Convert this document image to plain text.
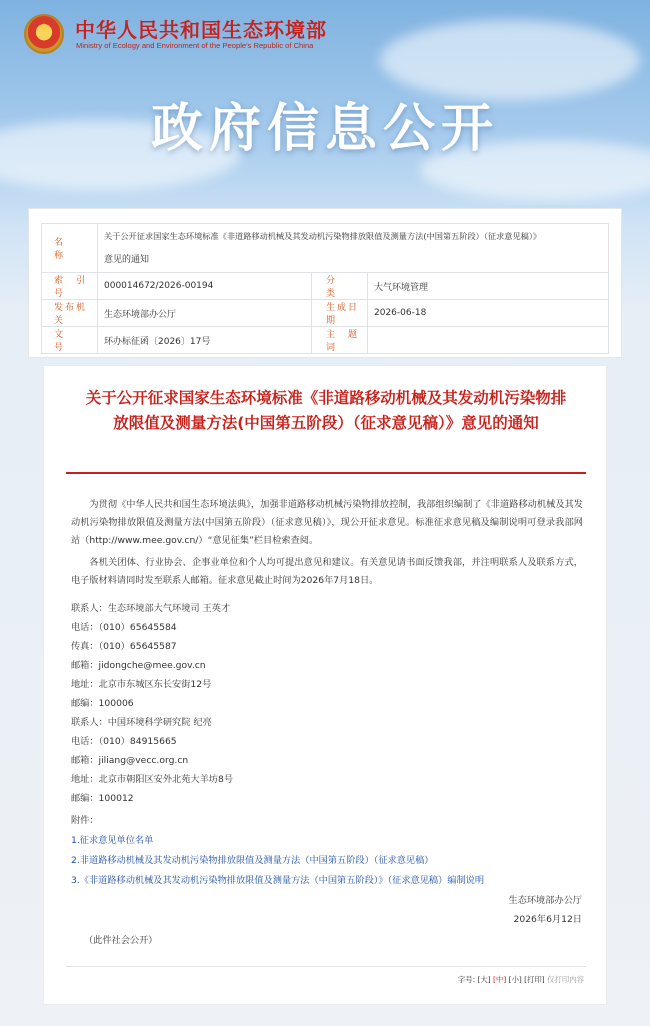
★	中华人民共和国生态环境部
Ministry of Ecology and Environment of the People's Republic of China
政府信息公开
名　　称	关于公开征求国家生态环境标准《非道路移动机械及其发动机污染物排放限值及测量方法(中国第五阶段）（征求意见稿）》
意见的通知		

索 引 号	000014672/2026-00194	分　　类	大气环境管理
发布机关	生态环境部办公厅	生成日期	2026-06-18
文　　号	环办标征函〔2026〕17号	主 题 词	
关于公开征求国家生态环境标准《非道路移动机械及其发动机污染物排放限值及测量方法(中国第五阶段）（征求意见稿）》意见的通知

为贯彻《中华人民共和国生态环境法典》，加强非道路移动机械污染物排放控制，我部组织编制了《非道路移动机械及其发动机污染物排放限值及测量方法(中国第五阶段）（征求意见稿）》，现公开征求意见。标准征求意见稿及编制说明可登录我部网站（http://www.mee.gov.cn/）“意见征集”栏目检索查阅。

各机关团体、行业协会、企事业单位和个人均可提出意见和建议。有关意见请书面反馈我部，并注明联系人及联系方式，电子版材料请同时发至联系人邮箱。征求意见截止时间为2026年7月18日。

联系人：生态环境部大气环境司 王英才
电话：（010）65645584
传真：（010）65645587
邮箱：jidongche@mee.gov.cn
地址：北京市东城区东长安街12号
邮编：100006
联系人：中国环境科学研究院 纪亮
电话：（010）84915665
邮箱：jiliang@vecc.org.cn
地址：北京市朝阳区安外北苑大羊坊8号
邮编：100012
附件：
1.征求意见单位名单
2.非道路移动机械及其发动机污染物排放限值及测量方法（中国第五阶段）（征求意见稿）
3.《非道路移动机械及其发动机污染物排放限值及测量方法（中国第五阶段）》（征求意见稿）编制说明
生态环境部办公厅
2026年6月12日
（此件社会公开）
字号: [大] [中] [小] [打印] 仅打印内容
